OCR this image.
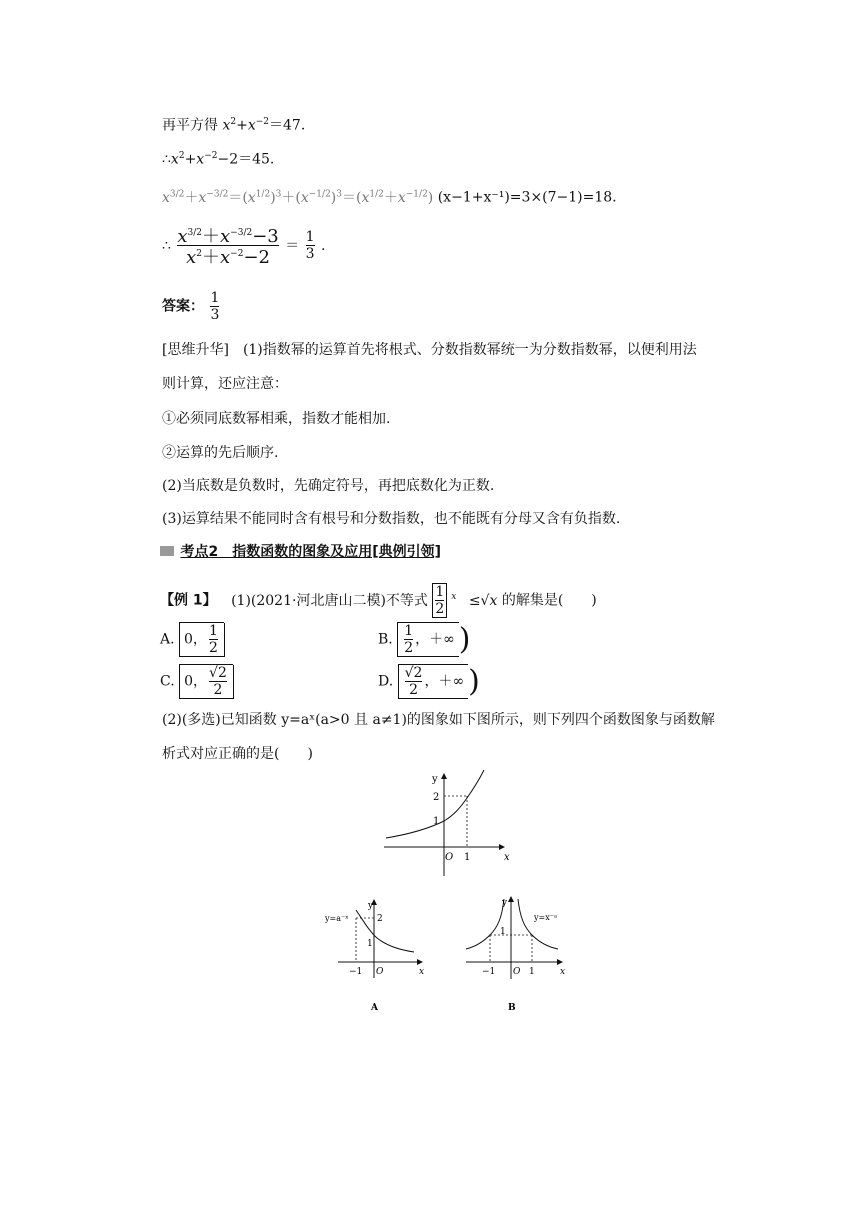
再平方得 $x^2+x^{-2}=47$.
$\therefore x^2+x^{-2}-2=45$.
$x^{3/2}+x^{-3/2}=(x^{1/2})^3+(x^{-1/2})^3=(x^{1/2}+x^{-1/2})$ (x−1+x⁻¹)=3×(7−1)=18.
∴ $\frac{x^{3/2}+x^{-3/2}-3}{x^2+x^{-2}-2} = \frac{1}{3}$ .
答案： $\frac{1}{3}$
[思维升华]　 (1)指数幂的运算首先将根式、分数指数幂统一为分数指数幂，以便利用法
则计算，还应注意：
①必须同底数幂相乘，指数才能相加.
②运算的先后顺序.
(2)当底数是负数时，先确定符号，再把底数化为正数.
(3)运算结果不能同时含有根号和分数指数，也不能既有分母又含有负指数.
考点2　指数函数的图象及应用[典例引领]
【例 1】 (1)(2021·河北唐山二模)不等式 $\frac{1}{2} ^x \le√x$ 的解集是(　　)
A. 0， $\frac{1}{2}$	B. $\frac{1}{2}$ ，＋∞ )
C. 0， $\frac{√2}{2}$	D. $\frac{√2}{2}$ ，＋∞ )
(2)(多选)已知函数 y=aˣ(a>0 且 a≠1)的图象如下图所示，则下列四个函数图象与函数解
析式对应正确的是(　　)
y
x
O
2
1
1
y=a⁻ˣ
y
x
2
1
O
−1
A
y=x⁻ᵃ
y
x
1
O
−1	1
B
